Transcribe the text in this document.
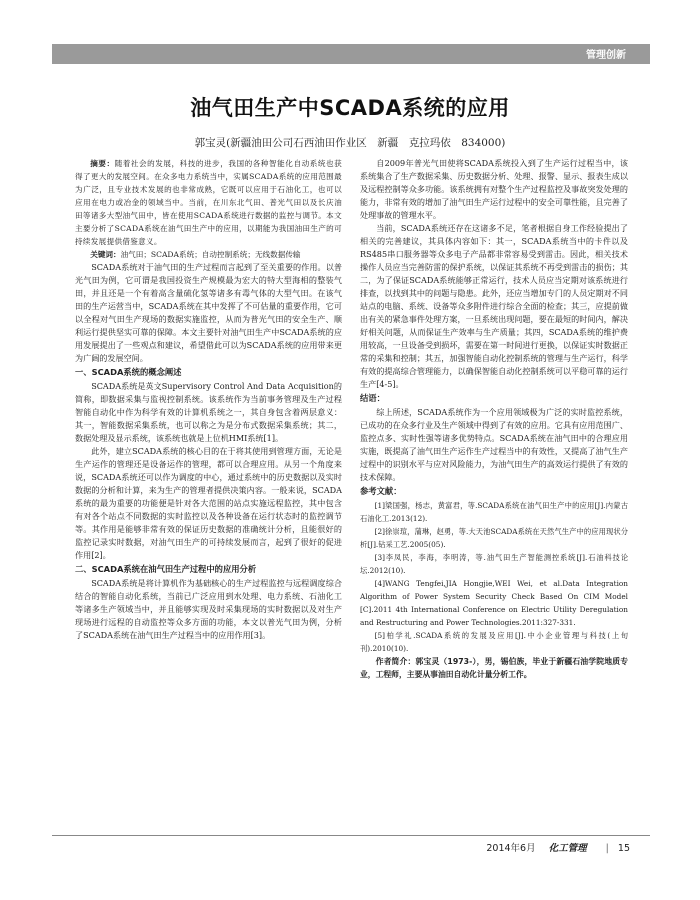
管理创新
油气田生产中SCADA系统的应用
郭宝灵(新疆油田公司石西油田作业区　新疆　克拉玛依　834000)

摘要：随着社会的发展，科技的进步，我国的各种智能化自动系统也获得了更大的发展空间。在众多电力系统当中，实属SCADA系统的应用范围最为广泛，且专业技术发展的也非常成熟，它既可以应用于石油化工，也可以应用在电力或冶金的领域当中。当前，在川东北气田、普光气田以及长庆油田等诸多大型油气田中，皆在使用SCADA系统进行数据的监控与调节。本文主要分析了SCADA系统在油气田生产中的应用，以期能为我国油田生产的可持续发展提供借鉴意义。

关键词：油气田；SCADA系统；自动控制系统；无线数据传输

SCADA系统对于油气田的生产过程而言起到了至关重要的作用。以普光气田为例，它可谓是我国投资生产规模最为宏大的特大型海相的整装气田，并且还是一个有着高含量硫化氢等诸多有毒气体的大型气田。在该气田的生产运营当中，SCADA系统在其中发挥了不可估量的重要作用，它可以全程对气田生产现场的数据实施监控，从而为普光气田的安全生产、顺利运行提供坚实可靠的保障。本文主要针对油气田生产中SCADA系统的应用发展提出了一些观点和建议，希望借此可以为SCADA系统的应用带来更为广阔的发展空间。

一、SCADA系统的概念阐述

SCADA系统是英文Supervisory Control And Data Acquisition的简称，即数据采集与监视控制系统。该系统作为当前事务管理及生产过程智能自动化中作为科学有效的计算机系统之一，其自身包含着两层意义：其一，智能数据采集系统，也可以称之为是分布式数据采集系统；其二，数据处理及显示系统，该系统也就是上位机HMI系统[1]。

此外，建立SCADA系统的核心目的在于将其使用到管理方面，无论是生产运作的管理还是设备运作的管理，都可以合理应用。从另一个角度来说，SCADA系统还可以作为调度的中心，通过系统中的历史数据以及实时数据的分析和计算，来为生产的管理者提供决策内容。一般来说，SCADA系统的最为重要的功能便是针对各大范围的站点实施远程监控，其中包含有对各个站点不同数据的实时监控以及各种设备在运行状态时的监控调节等。其作用是能够非常有效的保证历史数据的准确统计分析，且能很好的监控记录实时数据，对油气田生产的可持续发展而言，起到了很好的促进作用[2]。

二、SCADA系统在油气田生产过程中的应用分析

SCADA系统是将计算机作为基础核心的生产过程监控与远程调度综合结合的智能自动化系统，当前已广泛应用到水处理、电力系统、石油化工等诸多生产领域当中，并且能够实现及时采集现场的实时数据以及对生产现场进行远程的自动监控等众多方面的功能，本文以普光气田为例，分析了SCADA系统在油气田生产过程当中的应用作用[3]。

自2009年普光气田使将SCADA系统投入到了生产运行过程当中，该系统集合了生产数据采集、历史数据分析、处理、报警、显示、报表生成以及远程控制等众多功能。该系统拥有对整个生产过程监控及事故突发处理的能力，非常有效的增加了油气田生产运行过程中的安全可靠性能，且完善了处理事故的管理水平。

当前，SCADA系统还存在这诸多不足，笔者根据自身工作经验提出了相关的完善建议，其具体内容如下：其一，SCADA系统当中的卡件以及RS485串口服务器等众多电子产品都非常容易受到雷击。因此，相关技术操作人员应当完善防雷的保护系统，以保证其系统不再受到雷击的损伤；其二，为了保证SCADA系统能够正常运行，技术人员应当定期对该系统进行排查，以找到其中的问题与隐患。此外，还应当增加专门的人员定期对不同站点的电脑、系统、设备等众多附件进行综合全面的检查；其三，应提前做出有关的紧急事件处理方案，一旦系统出现问题，要在最短的时间内，解决好相关问题，从而保证生产效率与生产质量；其四，SCADA系统的维护费用较高，一旦设备受到损坏，需要在第一时间进行更换，以保证实时数据正常的采集和控制；其五，加强智能自动化控制系统的管理与生产运行，科学有效的提高综合管理能力，以确保智能自动化控制系统可以平稳可靠的运行生产[4-5]。

结语：

综上所述，SCADA系统作为一个应用领域极为广泛的实时监控系统，已成功的在众多行业及生产领域中得到了有效的应用。它具有应用范围广、监控点多、实时性强等诸多优势特点。SCADA系统在油气田中的合理应用实施，既提高了油气田生产运作生产过程当中的有效性，又提高了油气生产过程中的识别水平与应对风险能力，为油气田生产的高效运行提供了有效的技术保障。

参考文献：

[1]梁国强，杨志，黄富君，等.SCADA系统在油气田生产中的应用[J].内蒙古石油化工.2013(12).

[2]徐崇瑄，蒲琳，赵勇，等.大天池SCADA系统在天然气生产中的应用现状分析[J].钻采工艺.2005(05).

[3]李凤民，李海，李明涛，等.油气田生产智能测控系统[J].石油科技论坛.2012(10).

[4]WANG Tengfei,JIA Hongjie,WEI Wei, et al.Data Integration Algorithm of Power System Security Check Based On CIM Model [C].2011 4th International Conference on Electric Utility Deregulation and Restructuring and Power Technologies.2011:327-331.

[5]柏学礼.SCADA系统的发展及应用[J].中小企业管理与科技(上旬刊).2010(10).

作者简介：郭宝灵（1973-），男，锡伯族，毕业于新疆石油学院地质专业，工程师，主要从事油田自动化计量分析工作。

2014年6月 化工管理 | 15
